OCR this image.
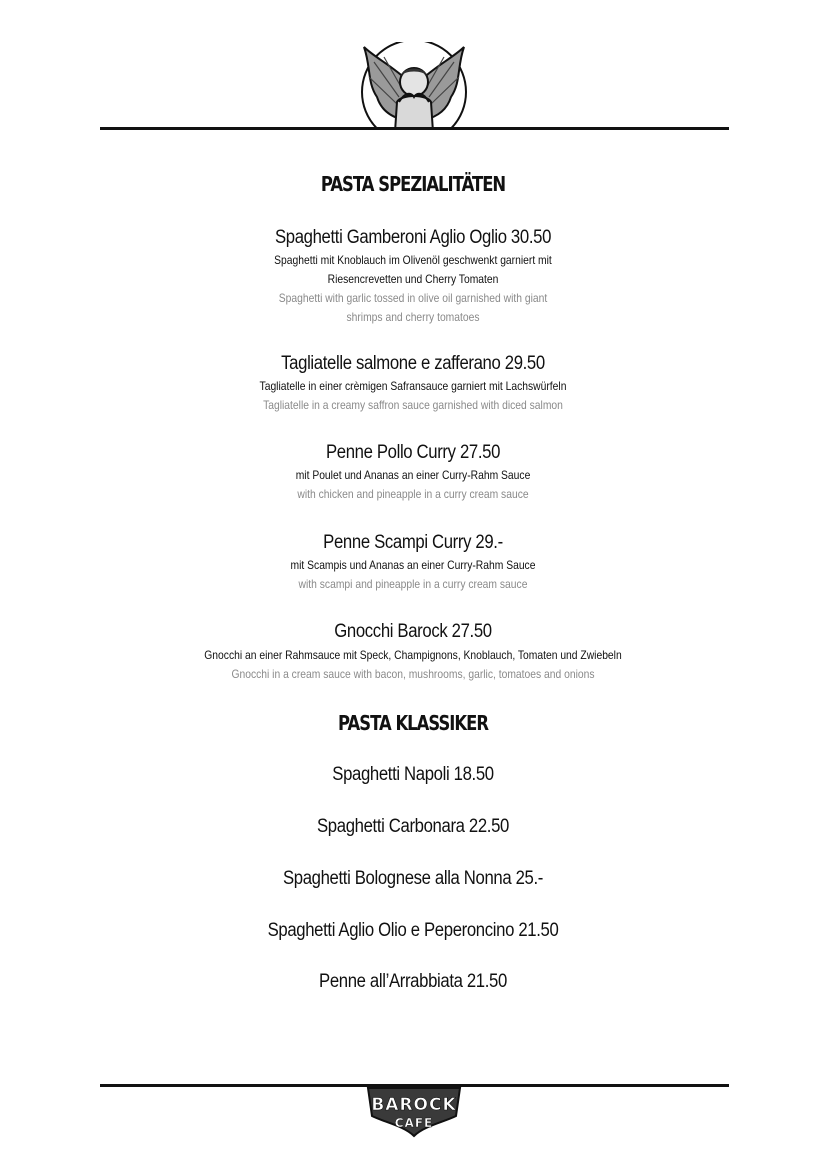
PASTA SPEZIALITÄTEN
Spaghetti Gamberoni Aglio Oglio 30.50
Spaghetti mit Knoblauch im Olivenöl geschwenkt garniert mit
Riesencrevetten und Cherry Tomaten
Spaghetti with garlic tossed in olive oil garnished with giant
shrimps and cherry tomatoes
Tagliatelle salmone e zafferano 29.50
Tagliatelle in einer crèmigen Safransauce garniert mit Lachswürfeln
Tagliatelle in a creamy saffron sauce garnished with diced salmon
Penne Pollo Curry 27.50
mit Poulet und Ananas an einer Curry-Rahm Sauce
with chicken and pineapple in a curry cream sauce
Penne Scampi Curry 29.-
mit Scampis und Ananas an einer Curry-Rahm Sauce
with scampi and pineapple in a curry cream sauce
Gnocchi Barock 27.50
Gnocchi an einer Rahmsauce mit Speck, Champignons, Knoblauch, Tomaten und Zwiebeln
Gnocchi in a cream sauce with bacon, mushrooms, garlic, tomatoes and onions
PASTA KLASSIKER
Spaghetti Napoli 18.50
Spaghetti Carbonara 22.50
Spaghetti Bolognese alla Nonna 25.-
Spaghetti Aglio Olio e Peperoncino 21.50
Penne all’Arrabbiata 21.50
BAROCK
CAFE
